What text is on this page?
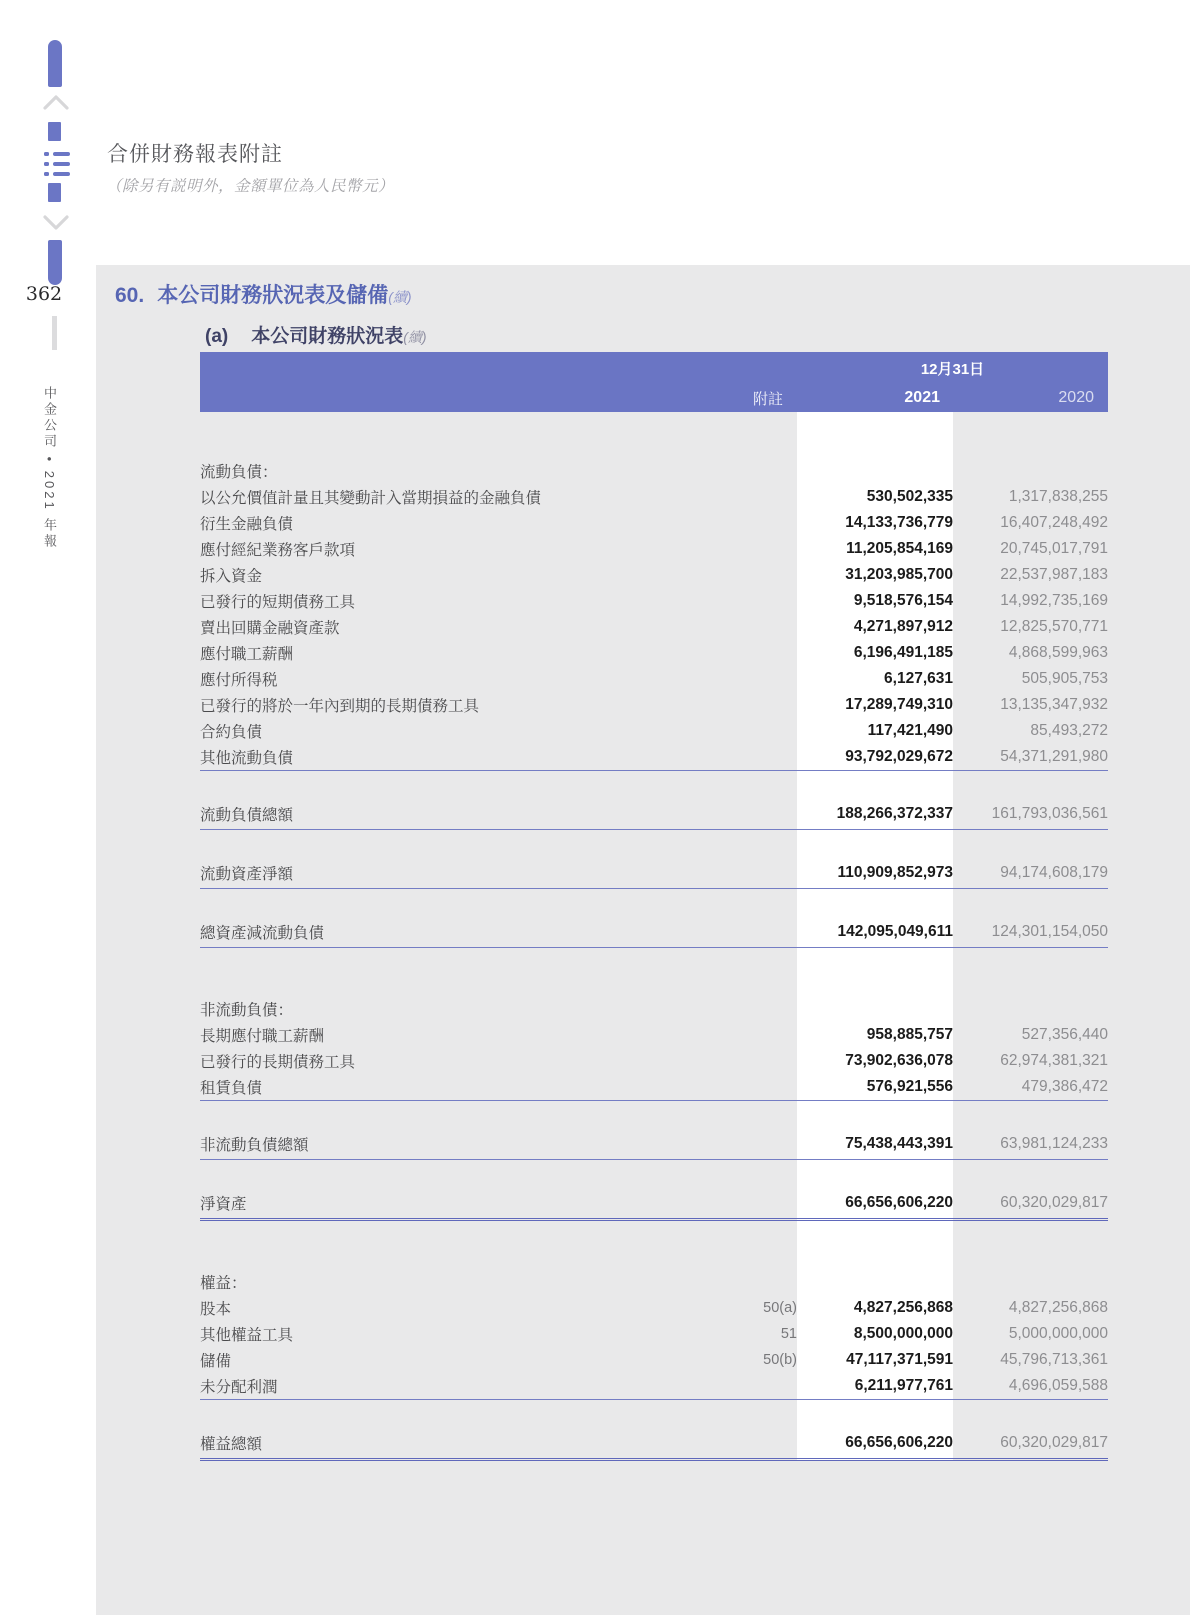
362
中金公司 • 2021 年報
合併財務報表附註
（除另有説明外，金額單位為人民幣元）
60. 本公司財務狀況表及儲備(續)
(a) 本公司財務狀況表(續)
		12月31日	
	附註	2021	2020

流動負債：			
以公允價值計量且其變動計入當期損益的金融負債		530,502,335	1,317,838,255
衍生金融負債		14,133,736,779	16,407,248,492
應付經紀業務客戶款項		11,205,854,169	20,745,017,791
拆入資金		31,203,985,700	22,537,987,183
已發行的短期債務工具		9,518,576,154	14,992,735,169
賣出回購金融資產款		4,271,897,912	12,825,570,771
應付職工薪酬		6,196,491,185	4,868,599,963
應付所得税		6,127,631	505,905,753
已發行的將於一年內到期的長期債務工具		17,289,749,310	13,135,347,932
合約負債		117,421,490	85,493,272
其他流動負債		93,792,029,672	54,371,291,980

流動負債總額		188,266,372,337	161,793,036,561

流動資產淨額		110,909,852,973	94,174,608,179

總資產減流動負債		142,095,049,611	124,301,154,050

非流動負債：			
長期應付職工薪酬		958,885,757	527,356,440
已發行的長期債務工具		73,902,636,078	62,974,381,321
租賃負債		576,921,556	479,386,472

非流動負債總額		75,438,443,391	63,981,124,233

淨資產		66,656,606,220	60,320,029,817

權益：			
股本	50(a)	4,827,256,868	4,827,256,868
其他權益工具	51	8,500,000,000	5,000,000,000
儲備	50(b)	47,117,371,591	45,796,713,361
未分配利潤		6,211,977,761	4,696,059,588

權益總額		66,656,606,220	60,320,029,817
